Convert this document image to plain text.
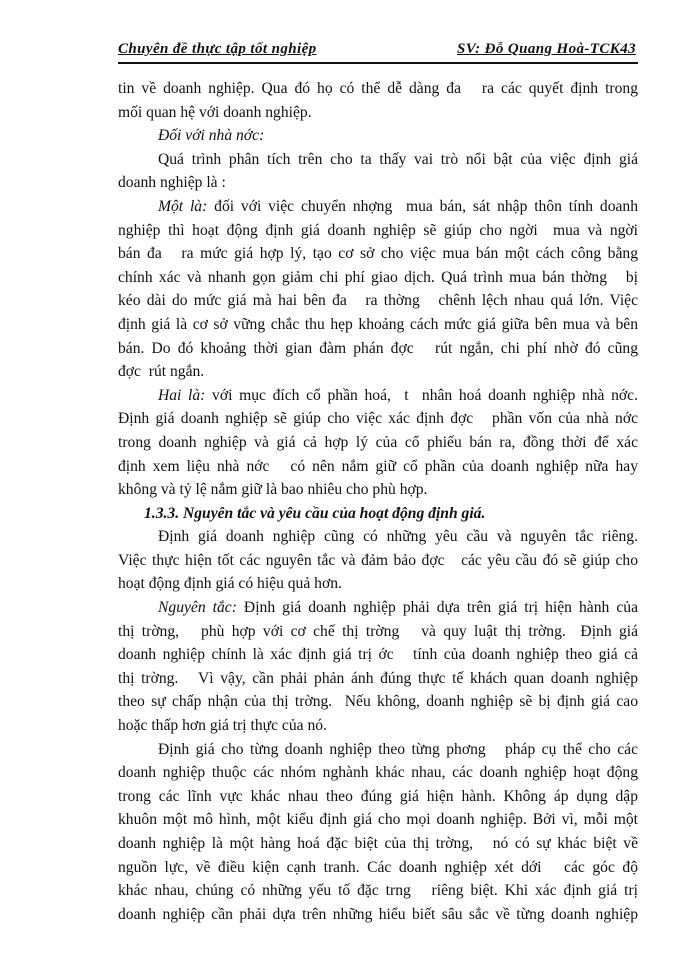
Chuyên đề thực tập tốt nghiệp	SV: Đỗ Quang Hoà-TCK43
tin về doanh nghiệp. Qua đó họ có thể dễ dàng đa   ra các quyết định trong
mối quan hệ với doanh nghiệp.
Đối với nhà nớc:
Quá trình phân tích trên cho ta thấy vai trò nổi bật của việc định giá
doanh nghiệp là :
Một là: đối với việc chuyển nhợng  mua bán, sát nhập thôn tính doanh
nghiệp thì hoạt động định giá doanh nghiệp sẽ giúp cho ngời  mua và ngời
bán đa   ra mức giá hợp lý, tạo cơ sở cho việc mua bán một cách công bằng
chính xác và nhanh gọn giảm chi phí giao dịch. Quá trình mua bán thờng   bị
kéo dài do mức giá mà hai bên đa   ra thờng   chênh lệch nhau quá lớn. Việc
định giá là cơ sở vững chắc thu hẹp khoảng cách mức giá giữa bên mua và bên
bán. Do đó khoảng thời gian đàm phán đợc   rút ngắn, chi phí nhờ đó cũng
đợc  rút ngắn.
Hai là: với mục đích cổ phần hoá,  t  nhân hoá doanh nghiệp nhà nớc.
Định giá doanh nghiệp sẽ giúp cho việc xác định đợc   phần vốn của nhà nớc
trong doanh nghiệp và giá cả hợp lý của cổ phiếu bán ra, đồng thời để xác
định xem liệu nhà nớc   có nên nắm giữ cổ phần của doanh nghiệp nữa hay
không và tỷ lệ nắm giữ là bao nhiêu cho phù hợp.
1.3.3. Nguyên tắc và yêu cầu của hoạt động định giá.
Định giá doanh nghiệp cũng có những yêu cầu và nguyên tắc riêng.
Việc thực hiện tốt các nguyên tắc và đảm bảo đợc   các yêu cầu đó sẽ giúp cho
hoạt động định giá có hiệu quả hơn.
Nguyên tắc: Định giá doanh nghiệp phải dựa trên giá trị hiện hành của
thị trờng,   phù hợp với cơ chế thị trờng   và quy luật thị trờng.  Định giá
doanh nghiệp chính là xác định giá trị ớc   tính của doanh nghiệp theo giá cả
thị trờng.   Vì vậy, cần phải phản ánh đúng thực tế khách quan doanh nghiệp
theo sự chấp nhận của thị trờng.  Nếu không, doanh nghiệp sẽ bị định giá cao
hoặc thấp hơn giá trị thực của nó.
Định giá cho từng doanh nghiệp theo từng phơng   pháp cụ thể cho các
doanh nghiệp thuộc các nhóm nghành khác nhau, các doanh nghiệp hoạt động
trong các lĩnh vực khác nhau theo đúng giá hiện hành. Không áp dụng dập
khuôn một mô hình, một kiểu định giá cho mọi doanh nghiệp. Bởi vì, mỗi một
doanh nghiệp là một hàng hoá đặc biệt của thị trờng,   nó có sự khác biệt về
nguồn lực, về điều kiện cạnh tranh. Các doanh nghiệp xét dới   các góc độ
khác nhau, chúng có những yếu tố đặc trng   riêng biệt. Khi xác định giá trị
doanh nghiệp cần phải dựa trên những hiểu biết sâu sắc về từng doanh nghiệp
